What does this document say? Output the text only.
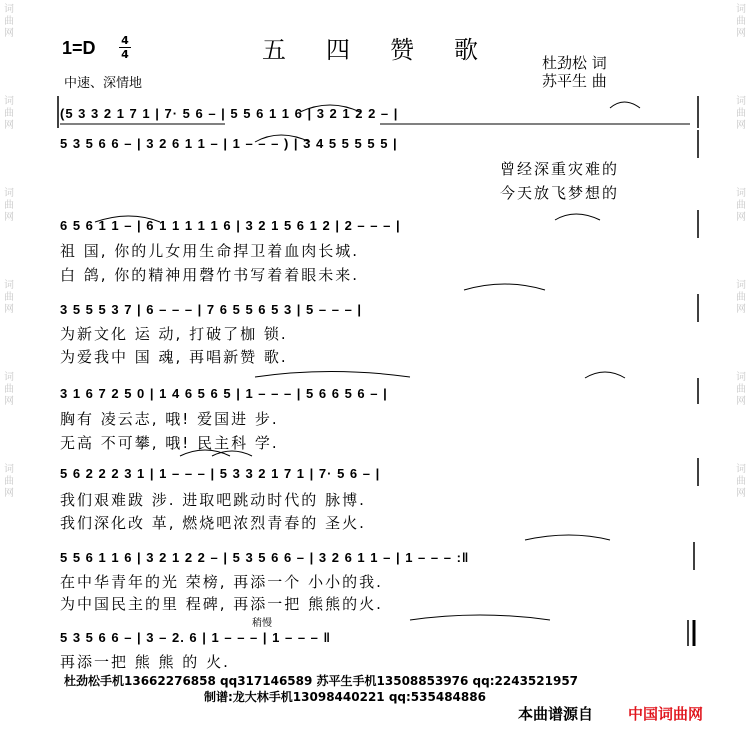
词
曲
网
词
曲
网
词
曲
网
词
曲
网
词
曲
网
词
曲
网
词
曲
网
词
曲
网
词
曲
网
词
曲
网
词
曲
网
词
曲
网
1=D 4
4	五四赞歌 杜劲松 词
苏平生 曲
中速、深情地
(5 3 3 2 1 7 1 | 7· 5 6 – | 5 5 6 1 1 6 | 3 2 1 2 2 – |
5 3 5 6 6 – | 3 2 6 1 1 – | 1 – – – ) | 3 4 5 5 5 5 5 |
曾经深重灾难的
今天放飞梦想的
6 5 6 1 1 – | 6 1 1 1 1 1 6 | 3 2 1 5 6 1 2 | 2 – – – |
祖 国, 你的儿女用生命捍卫着血肉长城.
白 鸽, 你的精神用磬竹书写着着眼未来.
3 5 5 5 3 7 | 6 – – – | 7 6 5 5 6 5 3 | 5 – – – |
为新文化 运 动, 打破了枷 锁.
为爱我中 国 魂, 再唱新赞 歌.
3 1 6 7 2 5 0 | 1 4 6 5 6 5 | 1 – – – | 5 6 6 5 6 – |
胸有 凌云志, 哦! 爱国进 步.
无高 不可攀, 哦! 民主科 学.
5 6 2 2 2 3 1 | 1 – – – | 5 3 3 2 1 7 1 | 7· 5 6 – |
我们艰难跋 涉. 进取吧跳动时代的 脉博.
我们深化改 革, 燃烧吧浓烈青春的 圣火.
5 5 6 1 1 6 | 3 2 1 2 2 – | 5 3 5 6 6 – | 3 2 6 1 1 – | 1 – – – :‖
在中华青年的光 荣榜, 再添一个 小小的我.
为中国民主的里 程碑, 再添一把 熊熊的火.
稍慢
5 3 5 6 6 – | 3 – 2. 6 | 1 – – – | 1 – – – ‖
再添一把 熊 熊 的 火.
杜劲松手机13662276858 qq317146589 苏平生手机13508853976 qq:2243521957
制谱:龙大林手机13098440221 qq:535484886
本曲谱源自 中国词曲网
